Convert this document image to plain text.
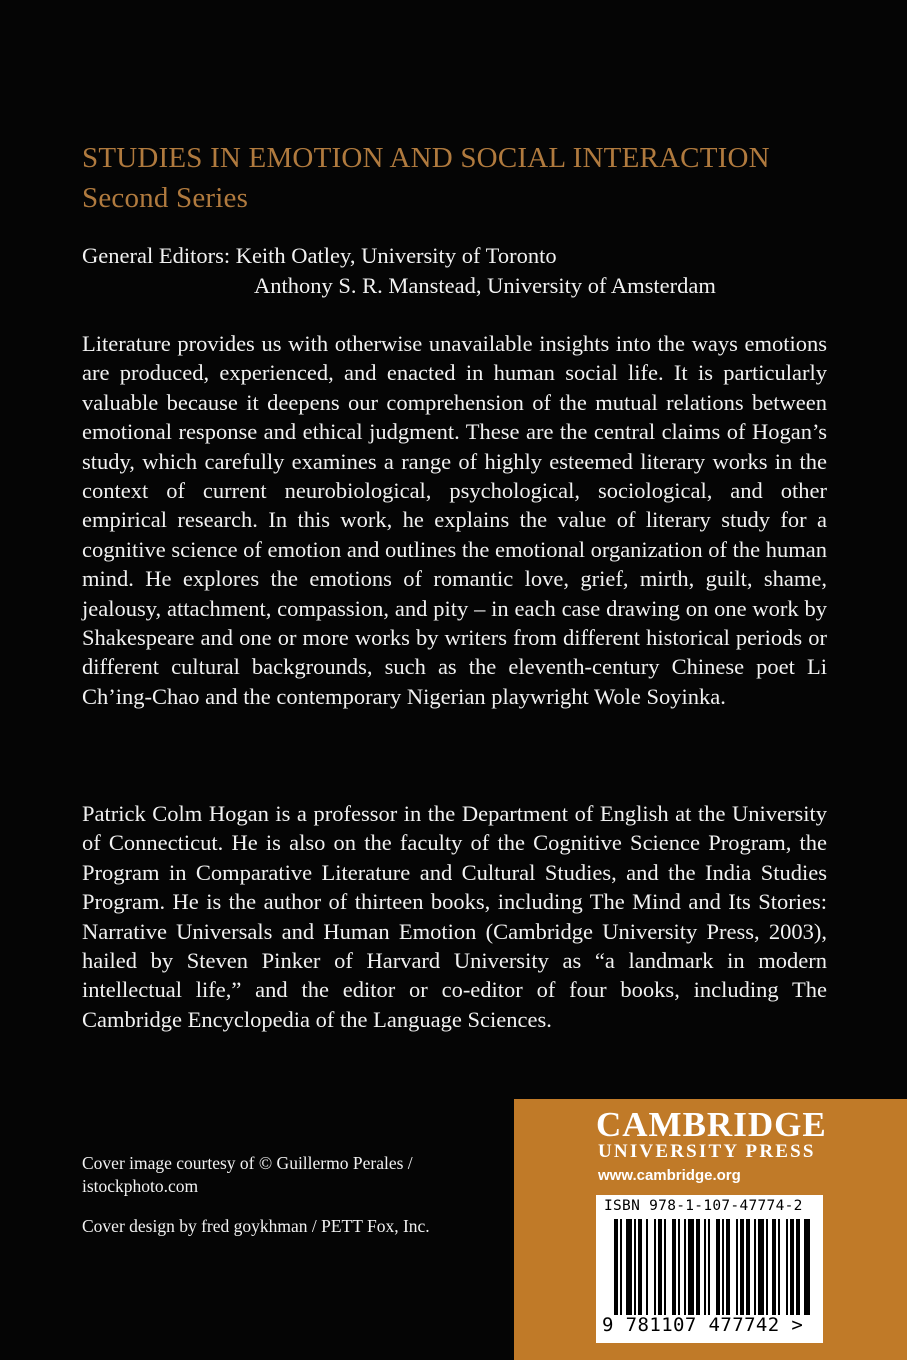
STUDIES IN EMOTION AND SOCIAL INTERACTION
Second Series
General Editors: Keith Oatley, University of Toronto
Anthony S. R. Manstead, University of Amsterdam

Literature provides us with otherwise unavailable insights into the ways emotions are produced, experienced, and enacted in human social life. It is particularly valuable because it deepens our comprehension of the mutual relations between emotional response and ethical judgment. These are the central claims of Hogan’s study, which carefully examines a range of highly esteemed literary works in the context of current neurobiological, psychological, sociological, and other empirical research. In this work, he explains the value of literary study for a cognitive science of emotion and outlines the emotional organization of the human mind. He explores the emotions of romantic love, grief, mirth, guilt, shame, jealousy, attachment, compassion, and pity – in each case drawing on one work by Shakespeare and one or more works by writers from different historical periods or different cultural backgrounds, such as the eleventh-century Chinese poet Li Ch’ing-Chao and the contemporary Nigerian playwright Wole Soyinka.

Patrick Colm Hogan is a professor in the Department of English at the University of Connecticut. He is also on the faculty of the Cognitive Science Program, the Program in Comparative Literature and Cultural Studies, and the India Studies Program. He is the author of thirteen books, including The Mind and Its Stories: Narrative Universals and Human Emotion (Cambridge University Press, 2003), hailed by Steven Pinker of Harvard University as “a landmark in modern intellectual life,” and the editor or co-editor of four books, including The Cambridge Encyclopedia of the Language Sciences.

Cover image courtesy of © Guillermo Perales / istockphoto.com
Cover design by fred goykhman / PETT Fox, Inc.
CAMBRIDGE
UNIVERSITY PRESS
www.cambridge.org
ISBN 978-1-107-47774-2
9 781107 477742 >
